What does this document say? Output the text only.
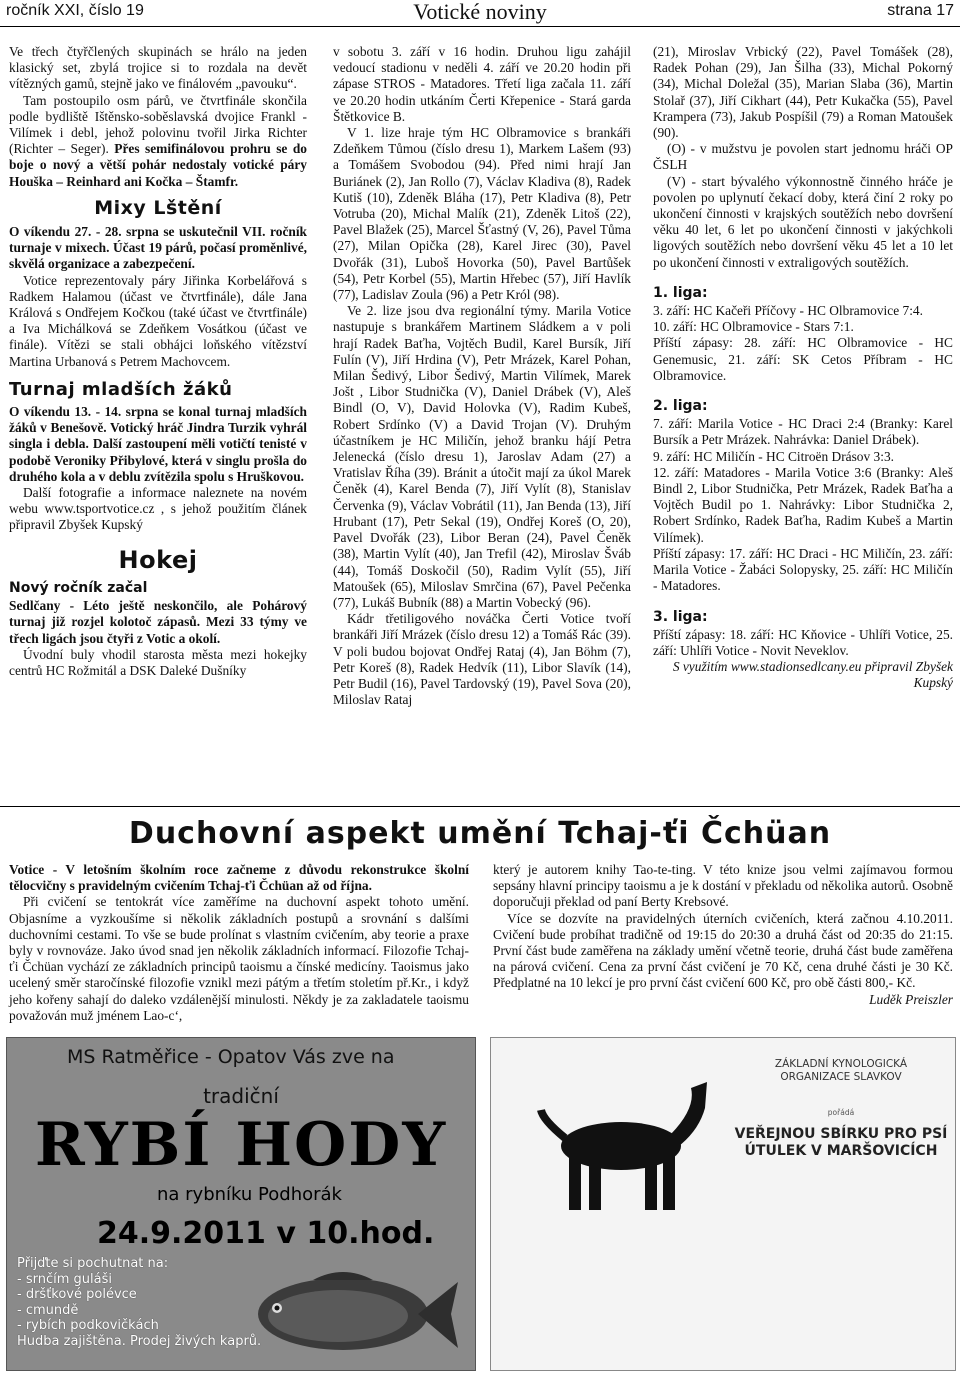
ročník XXI, číslo 19	Votické noviny	strana 17

Ve třech čtyřčlených skupinách se hrálo na jeden klasický set, zbylá trojice si to rozdala na devět vítězných gamů, stejně jako ve finálovém „pavouku“.

Tam postoupilo osm párů, ve čtvrtfinále skončila podle bydliště Ištěnsko-soběslavská dvojice Frankl - Vilímek i debl, jehož polovinu tvořil Jirka Richter (Richter – Seger). Přes semifinálovou prohru se do boje o nový a větší pohár nedostaly votické páry Houška – Reinhard ani Kočka – Štamfr.

Mixy Lštění

O víkendu 27. - 28. srpna se uskutečnil VII. ročník turnaje v mixech. Účast 19 párů, počasí proměnlivé, skvělá organizace a zabezpečení.

Votice reprezentovaly páry Jiřinka Korbelářová s Radkem Halamou (účast ve čtvrtfinále), dále Jana Králová s Ondřejem Kočkou (také účast ve čtvrtfinále) a Iva Michálková se Zdeňkem Vosátkou (účast ve finále). Vítězi se stali obhájci loňského vítězství Martina Urbanová s Petrem Machovcem.

Turnaj mladších žáků

O víkendu 13. - 14. srpna se konal turnaj mladších žáků v Benešově. Votický hráč Jindra Turzik vyhrál singla i debla. Další zastoupení měli votičtí tenisté v podobě Veroniky Přibylové, která v singlu prošla do druhého kola a v deblu zvítězila spolu s Hruškovou.

Další fotografie a informace naleznete na novém webu www.tsportvotice.cz , s jehož použitím článek připravil Zbyšek Kupský

Hokej
Nový ročník začal

Sedlčany - Léto ještě neskončilo, ale Pohárový turnaj již rozjel kolotoč zápasů. Mezi 33 týmy ve třech ligách jsou čtyři z Votic a okolí.

Úvodní buly vhodil starosta města mezi hokejky centrů HC Rožmitál a DSK Daleké Dušníky

v sobotu 3. září v 16 hodin. Druhou ligu zahájil vedoucí stadionu v neděli 4. září ve 20.20 hodin při zápase STROS - Matadores. Třetí liga začala 11. září ve 20.20 hodin utkáním Čerti Křepenice - Stará garda Štětkovice B.

V 1. lize hraje tým HC Olbramovice s brankáři Zdeňkem Tůmou (číslo dresu 1), Markem Lašem (93) a Tomášem Svobodou (94). Před nimi hrají Jan Buriánek (2), Jan Rollo (7), Václav Kladiva (8), Radek Kutiš (10), Zdeněk Bláha (17), Petr Kladiva (8), Petr Votruba (20), Michal Malík (21), Zdeněk Litoš (22), Pavel Blažek (25), Marcel Šťastný (V, 26), Pavel Tůma (27), Milan Opička (28), Karel Jirec (30), Pavel Dvořák (31), Luboš Hovorka (50), Pavel Bartůšek (54), Petr Korbel (55), Martin Hřebec (57), Jiří Havlík (77), Ladislav Zoula (96) a Petr Król (98).

Ve 2. lize jsou dva regionální týmy. Marila Votice nastupuje s brankářem Martinem Sládkem a v poli hrají Radek Baťha, Vojtěch Budil, Karel Bursík, Jiří Fulín (V), Jiří Hrdina (V), Petr Mrázek, Karel Pohan, Milan Šedivý, Libor Šedivý, Martin Vilímek, Marek Jošt , Libor Studnička (V), Daniel Drábek (V), Aleš Bindl (O, V), David Holovka (V), Radim Kubeš, Robert Srdínko (V) a David Trojan (V). Druhým účastníkem je HC Miličín, jehož branku hájí Petra Jelenecká (číslo dresu 1), Jaroslav Adam (27) a Vratislav Říha (39). Bránit a útočit mají za úkol Marek Čeněk (4), Karel Benda (7), Jiří Vylít (8), Stanislav Červenka (9), Václav Vobrátil (11), Jan Benda (13), Jiří Hrubant (17), Petr Sekal (19), Ondřej Koreš (O, 20), Pavel Dvořák (23), Libor Beran (24), Pavel Čeněk (38), Martin Vylít (40), Jan Trefil (42), Miroslav Šváb (44), Tomáš Doskočil (50), Radim Vylít (55), Jiří Matoušek (65), Miloslav Smrčina (67), Pavel Pečenka (77), Lukáš Bubník (88) a Martin Vobecký (96).

Kádr třetiligového nováčka Čerti Votice tvoří brankáři Jiří Mrázek (číslo dresu 12) a Tomáš Rác (39). V poli budou bojovat Ondřej Rataj (4), Jan Böhm (7), Petr Koreš (8), Radek Hedvík (11), Libor Slavík (14), Petr Budil (16), Pavel Tardovský (19), Pavel Sova (20), Miloslav Rataj

(21), Miroslav Vrbický (22), Pavel Tomášek (28), Radek Pohan (29), Jan Šilha (33), Michal Pokorný (34), Michal Doležal (35), Marian Slaba (36), Martin Stolař (37), Jiří Cikhart (44), Petr Kukačka (55), Pavel Krampera (73), Jakub Pospíšil (79) a Roman Matoušek (90).

(O) - v mužstvu je povolen start jednomu hráči OP ČSLH

(V) - start bývalého výkonnostně činného hráče je povolen po uplynutí čekací doby, která činí 2 roky po ukončení činnosti v krajských soutěžích nebo dovršení věku 40 let, 6 let po ukončení činnosti v jakýchkoli ligových soutěžích nebo dovršení věku 45 let a 10 let po ukončení činnosti v extraligových soutěžích.

1. liga:

3. září: HC Kačeři Příčovy - HC Olbramovice 7:4.

10. září: HC Olbramovice - Stars 7:1.

Příští zápasy: 28. září: HC Olbramovice - HC Genemusic, 21. září: SK Cetos Příbram - HC Olbramovice.

2. liga:

7. září: Marila Votice - HC Draci 2:4 (Branky: Karel Bursík a Petr Mrázek. Nahrávka: Daniel Drábek).

9. září: HC Miličín - HC Citroën Drásov 3:3.

12. září: Matadores - Marila Votice 3:6 (Branky: Aleš Bindl 2, Libor Studnička, Petr Mrázek, Radek Baťha a Vojtěch Budil po 1. Nahrávky: Libor Studnička 2, Robert Srdínko, Radek Baťha, Radim Kubeš a Martin Vilímek).

Příští zápasy: 17. září: HC Draci - HC Miličín, 23. září: Marila Votice - Žabáci Solopysky, 25. září: HC Miličín - Matadores.

3. liga:

Příští zápasy: 18. září: HC Kňovice - Uhlíři Votice, 25. září: Uhlíři Votice - Novit Neveklov.

S využitím www.stadionsedlcany.eu připravil Zbyšek Kupský

Duchovní aspekt umění Tchaj-ťi Čchüan

Votice - V letošním školním roce začneme z důvodu rekonstrukce školní tělocvičny s pravidelným cvičením Tchaj-ťi Čchüan až od října.

Při cvičení se tentokrát více zaměříme na duchovní aspekt tohoto umění. Objasníme a vyzkoušíme si několik základních postupů a srovnání s dalšími duchovními cestami. To vše se bude prolínat s vlastním cvičením, aby teorie a praxe byly v rovnováze. Jako úvod snad jen několik základních informací. Filozofie Tchaj-ťi Čchüan vychází ze základních principů taoismu a čínské medicíny. Taoismus jako ucelený směr staročínské filozofie vznikl mezi pátým a třetím stoletím př.Kr., i když jeho kořeny sahají do daleko vzdálenější minulosti. Někdy je za zakladatele taoismu považován muž jménem Lao-c‘,

který je autorem knihy Tao-te-ting. V této knize jsou velmi zajímavou formou sepsány hlavní principy taoismu a je k dostání v překladu od několika autorů. Osobně doporučuji překlad od paní Berty Krebsové.

Více se dozvíte na pravidelných úterních cvičeních, která začnou 4.10.2011. Cvičení bude probíhat tradičně od 19:15 do 20:30 a druhá část od 20:35 do 21:15. První část bude zaměřena na základy umění včetně teorie, druhá část bude zaměřena na párová cvičení. Cena za první část cvičení je 70 Kč, cena druhé části je 30 Kč. Předplatné na 10 lekcí je pro první část cvičení 600 Kč, pro obě části 800,- Kč.

Luděk Preiszler

MS Ratměřice - Opatov Vás zve na
tradiční
RYBÍ HODY
na rybníku Podhorák
24.9.2011 v 10.hod.
Přijďte si pochutnat na:
- srnčím guláši
- dršťkové polévce
- cmundě
- rybích podkovičkách
Hudba zajištěna. Prodej živých kaprů.
ZÁKLADNÍ KYNOLOGICKÁ ORGANIZACE SLAVKOV
pořádá
VEŘEJNOU SBÍRKU PRO PSÍ ÚTULEK V MARŠOVICÍCH
